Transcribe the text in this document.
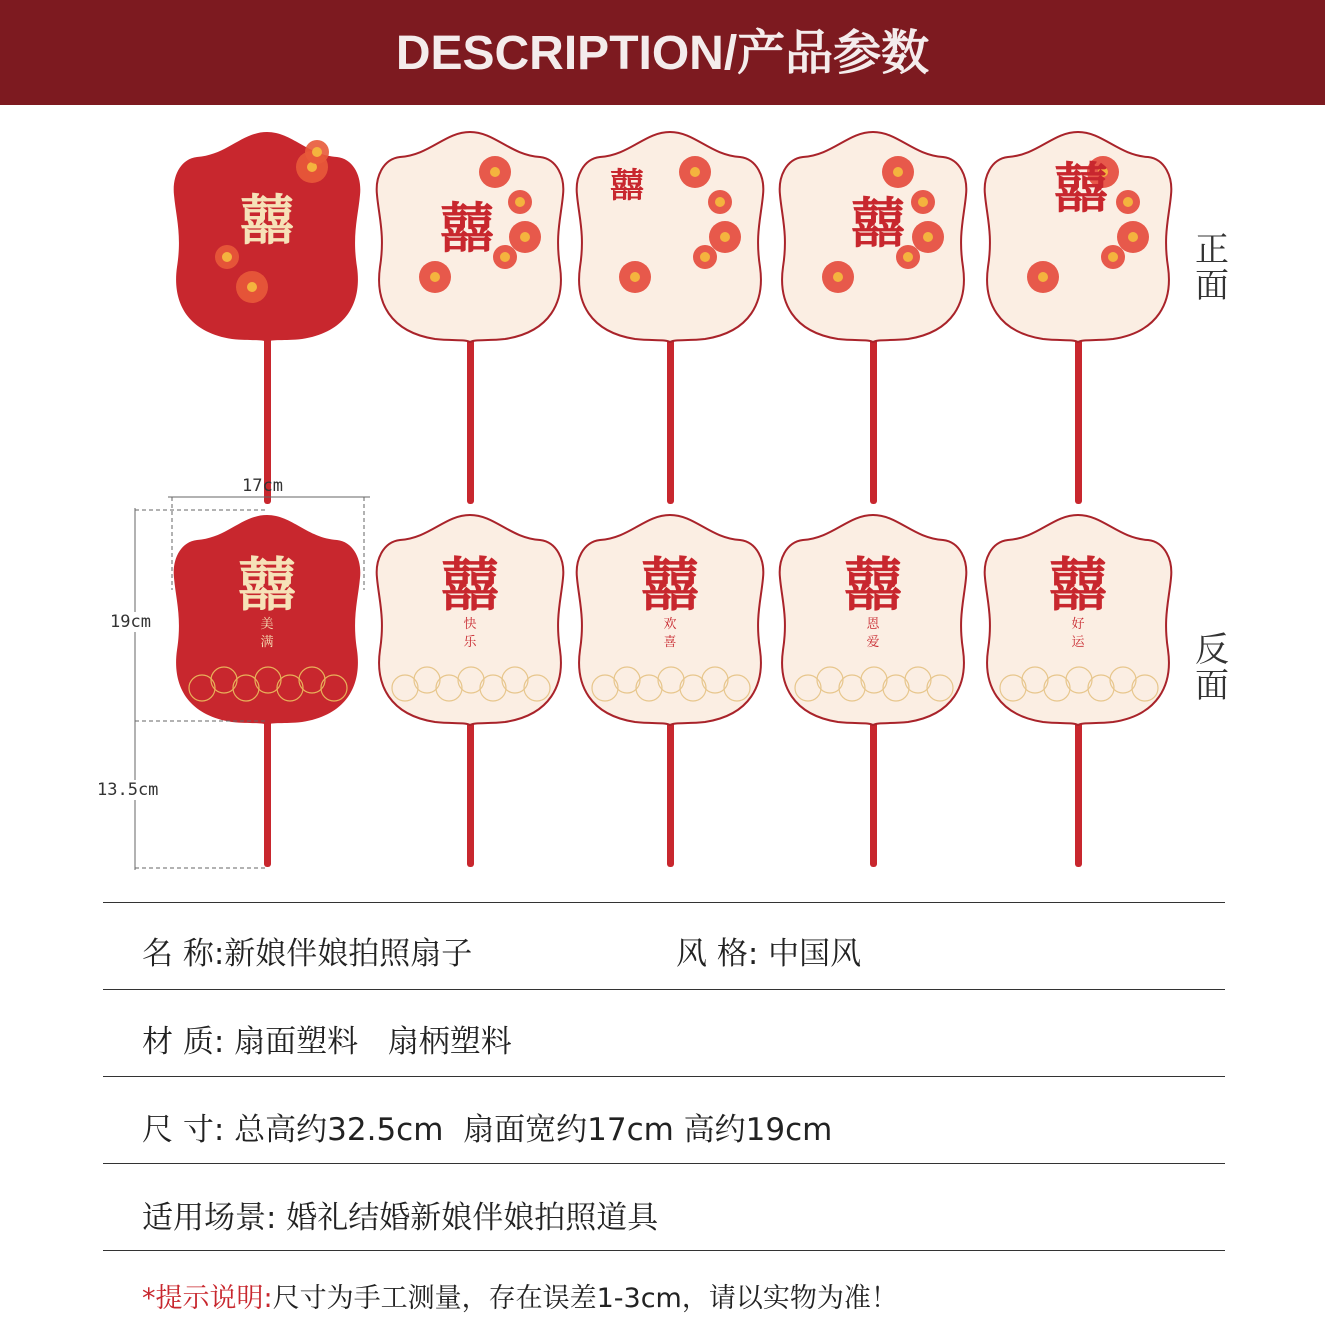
DESCRIPTION/产品参数
囍	囍
囍
囍
囍
囍
美
满
囍
快
乐
囍
欢
喜
囍
恩
爱
囍
好
运
正面
反面
17cm
19cm
13.5cm
名 称:新娘伴娘拍照扇子	风 格: 中国风
材 质: 扇面塑料   扇柄塑料
尺 寸: 总高约32.5cm  扇面宽约17cm 高约19cm
适用场景: 婚礼结婚新娘伴娘拍照道具
*提示说明:尺寸为手工测量，存在误差1-3cm，请以实物为准！
